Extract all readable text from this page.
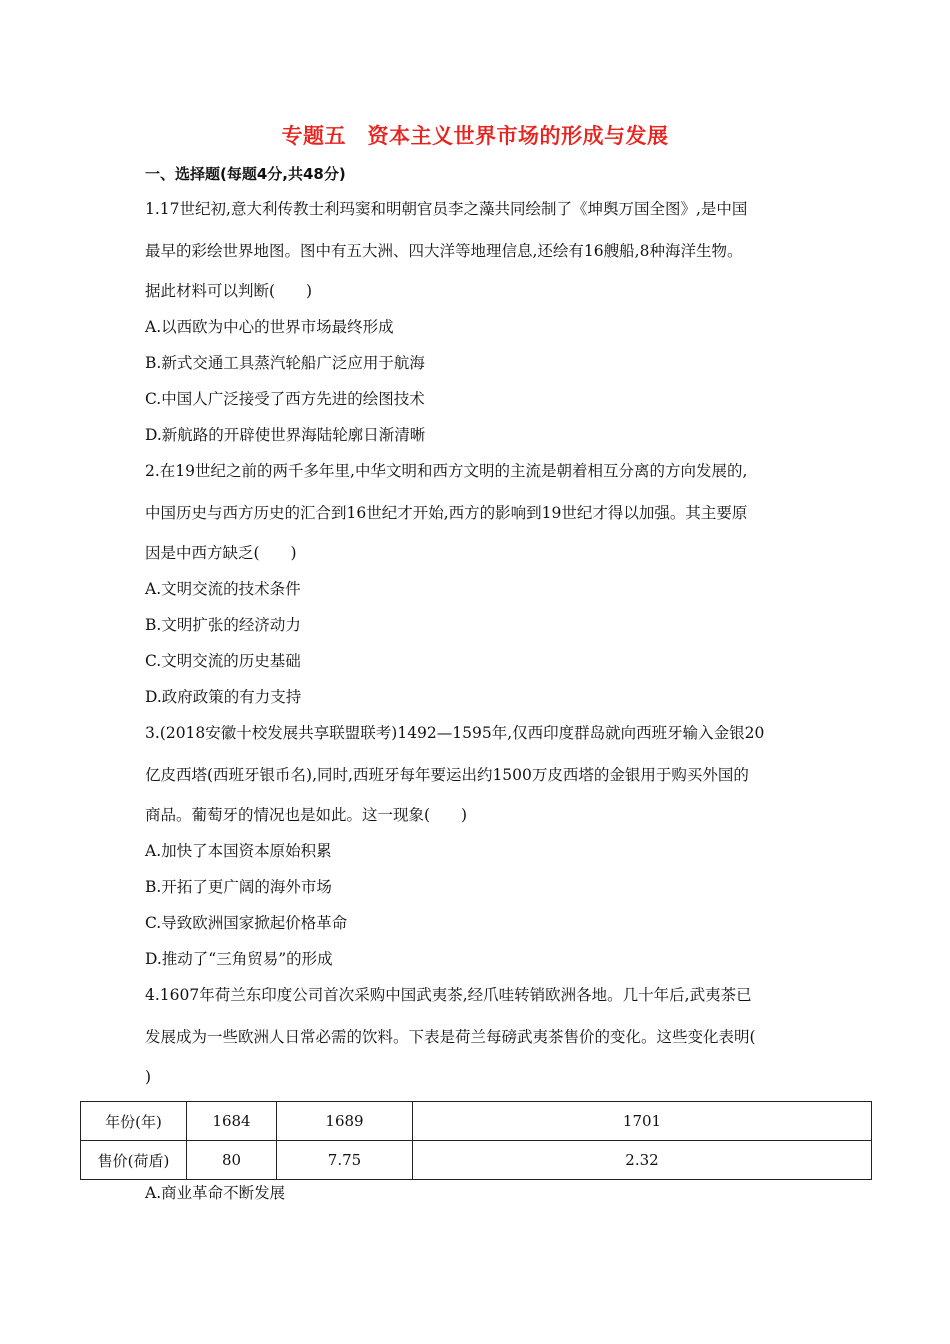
专题五　资本主义世界市场的形成与发展
一、选择题(每题4分,共48分)
1.17世纪初,意大利传教士利玛窦和明朝官员李之藻共同绘制了《坤舆万国全图》,是中国
最早的彩绘世界地图。图中有五大洲、四大洋等地理信息,还绘有16艘船,8种海洋生物。
据此材料可以判断(　　)
A.以西欧为中心的世界市场最终形成
B.新式交通工具蒸汽轮船广泛应用于航海
C.中国人广泛接受了西方先进的绘图技术
D.新航路的开辟使世界海陆轮廓日渐清晰
2.在19世纪之前的两千多年里,中华文明和西方文明的主流是朝着相互分离的方向发展的,
中国历史与西方历史的汇合到16世纪才开始,西方的影响到19世纪才得以加强。其主要原
因是中西方缺乏(　　)
A.文明交流的技术条件
B.文明扩张的经济动力
C.文明交流的历史基础
D.政府政策的有力支持
3.(2018安徽十校发展共享联盟联考)1492—1595年,仅西印度群岛就向西班牙输入金银20
亿皮西塔(西班牙银币名),同时,西班牙每年要运出约1500万皮西塔的金银用于购买外国的
商品。葡萄牙的情况也是如此。这一现象(　　)
A.加快了本国资本原始积累
B.开拓了更广阔的海外市场
C.导致欧洲国家掀起价格革命
D.推动了“三角贸易”的形成
4.1607年荷兰东印度公司首次采购中国武夷茶,经爪哇转销欧洲各地。几十年后,武夷茶已
发展成为一些欧洲人日常必需的饮料。下表是荷兰每磅武夷茶售价的变化。这些变化表明(
)
年份(年)	1684	1689	1701
售价(荷盾)	80	7.75	2.32
A.商业革命不断发展
